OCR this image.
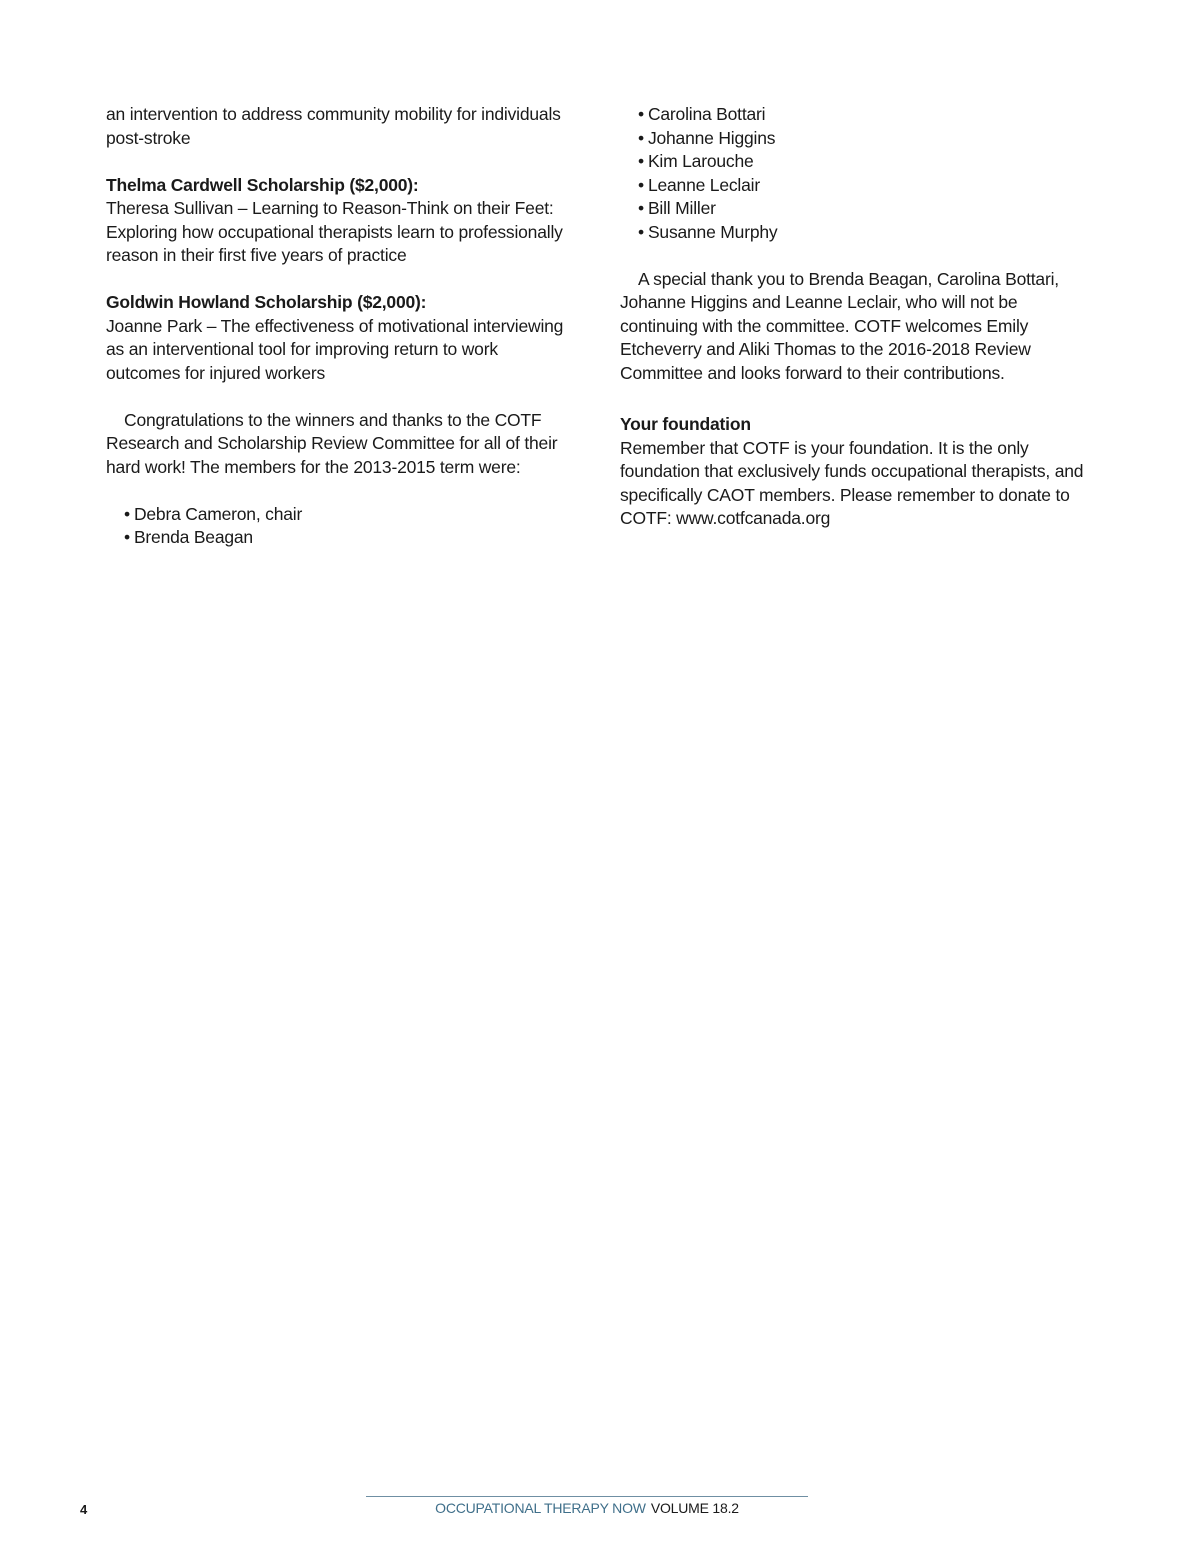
an intervention to address community mobility for individuals post-stroke

Thelma Cardwell Scholarship ($2,000):

Theresa Sullivan – Learning to Reason-Think on their Feet: Exploring how occupational therapists learn to professionally reason in their first five years of practice

Goldwin Howland Scholarship ($2,000):

Joanne Park – The effectiveness of motivational interviewing as an interventional tool for improving return to work outcomes for injured workers

Congratulations to the winners and thanks to the COTF Research and Scholarship Review Committee for all of their hard work! The members for the 2013-2015 term were:

• Debra Cameron, chair
• Brenda Beagan
• Carolina Bottari
• Johanne Higgins
• Kim Larouche
• Leanne Leclair
• Bill Miller
• Susanne Murphy

A special thank you to Brenda Beagan, Carolina Bottari, Johanne Higgins and Leanne Leclair, who will not be continuing with the committee. COTF welcomes Emily Etcheverry and Aliki Thomas to the 2016-2018 Review Committee and looks forward to their contributions.

Your foundation

Remember that COTF is your foundation. It is the only foundation that exclusively funds occupational therapists, and specifically CAOT members. Please remember to donate to COTF: www.cotfcanada.org

4	OCCUPATIONAL THERAPY NOW VOLUME 18.2
